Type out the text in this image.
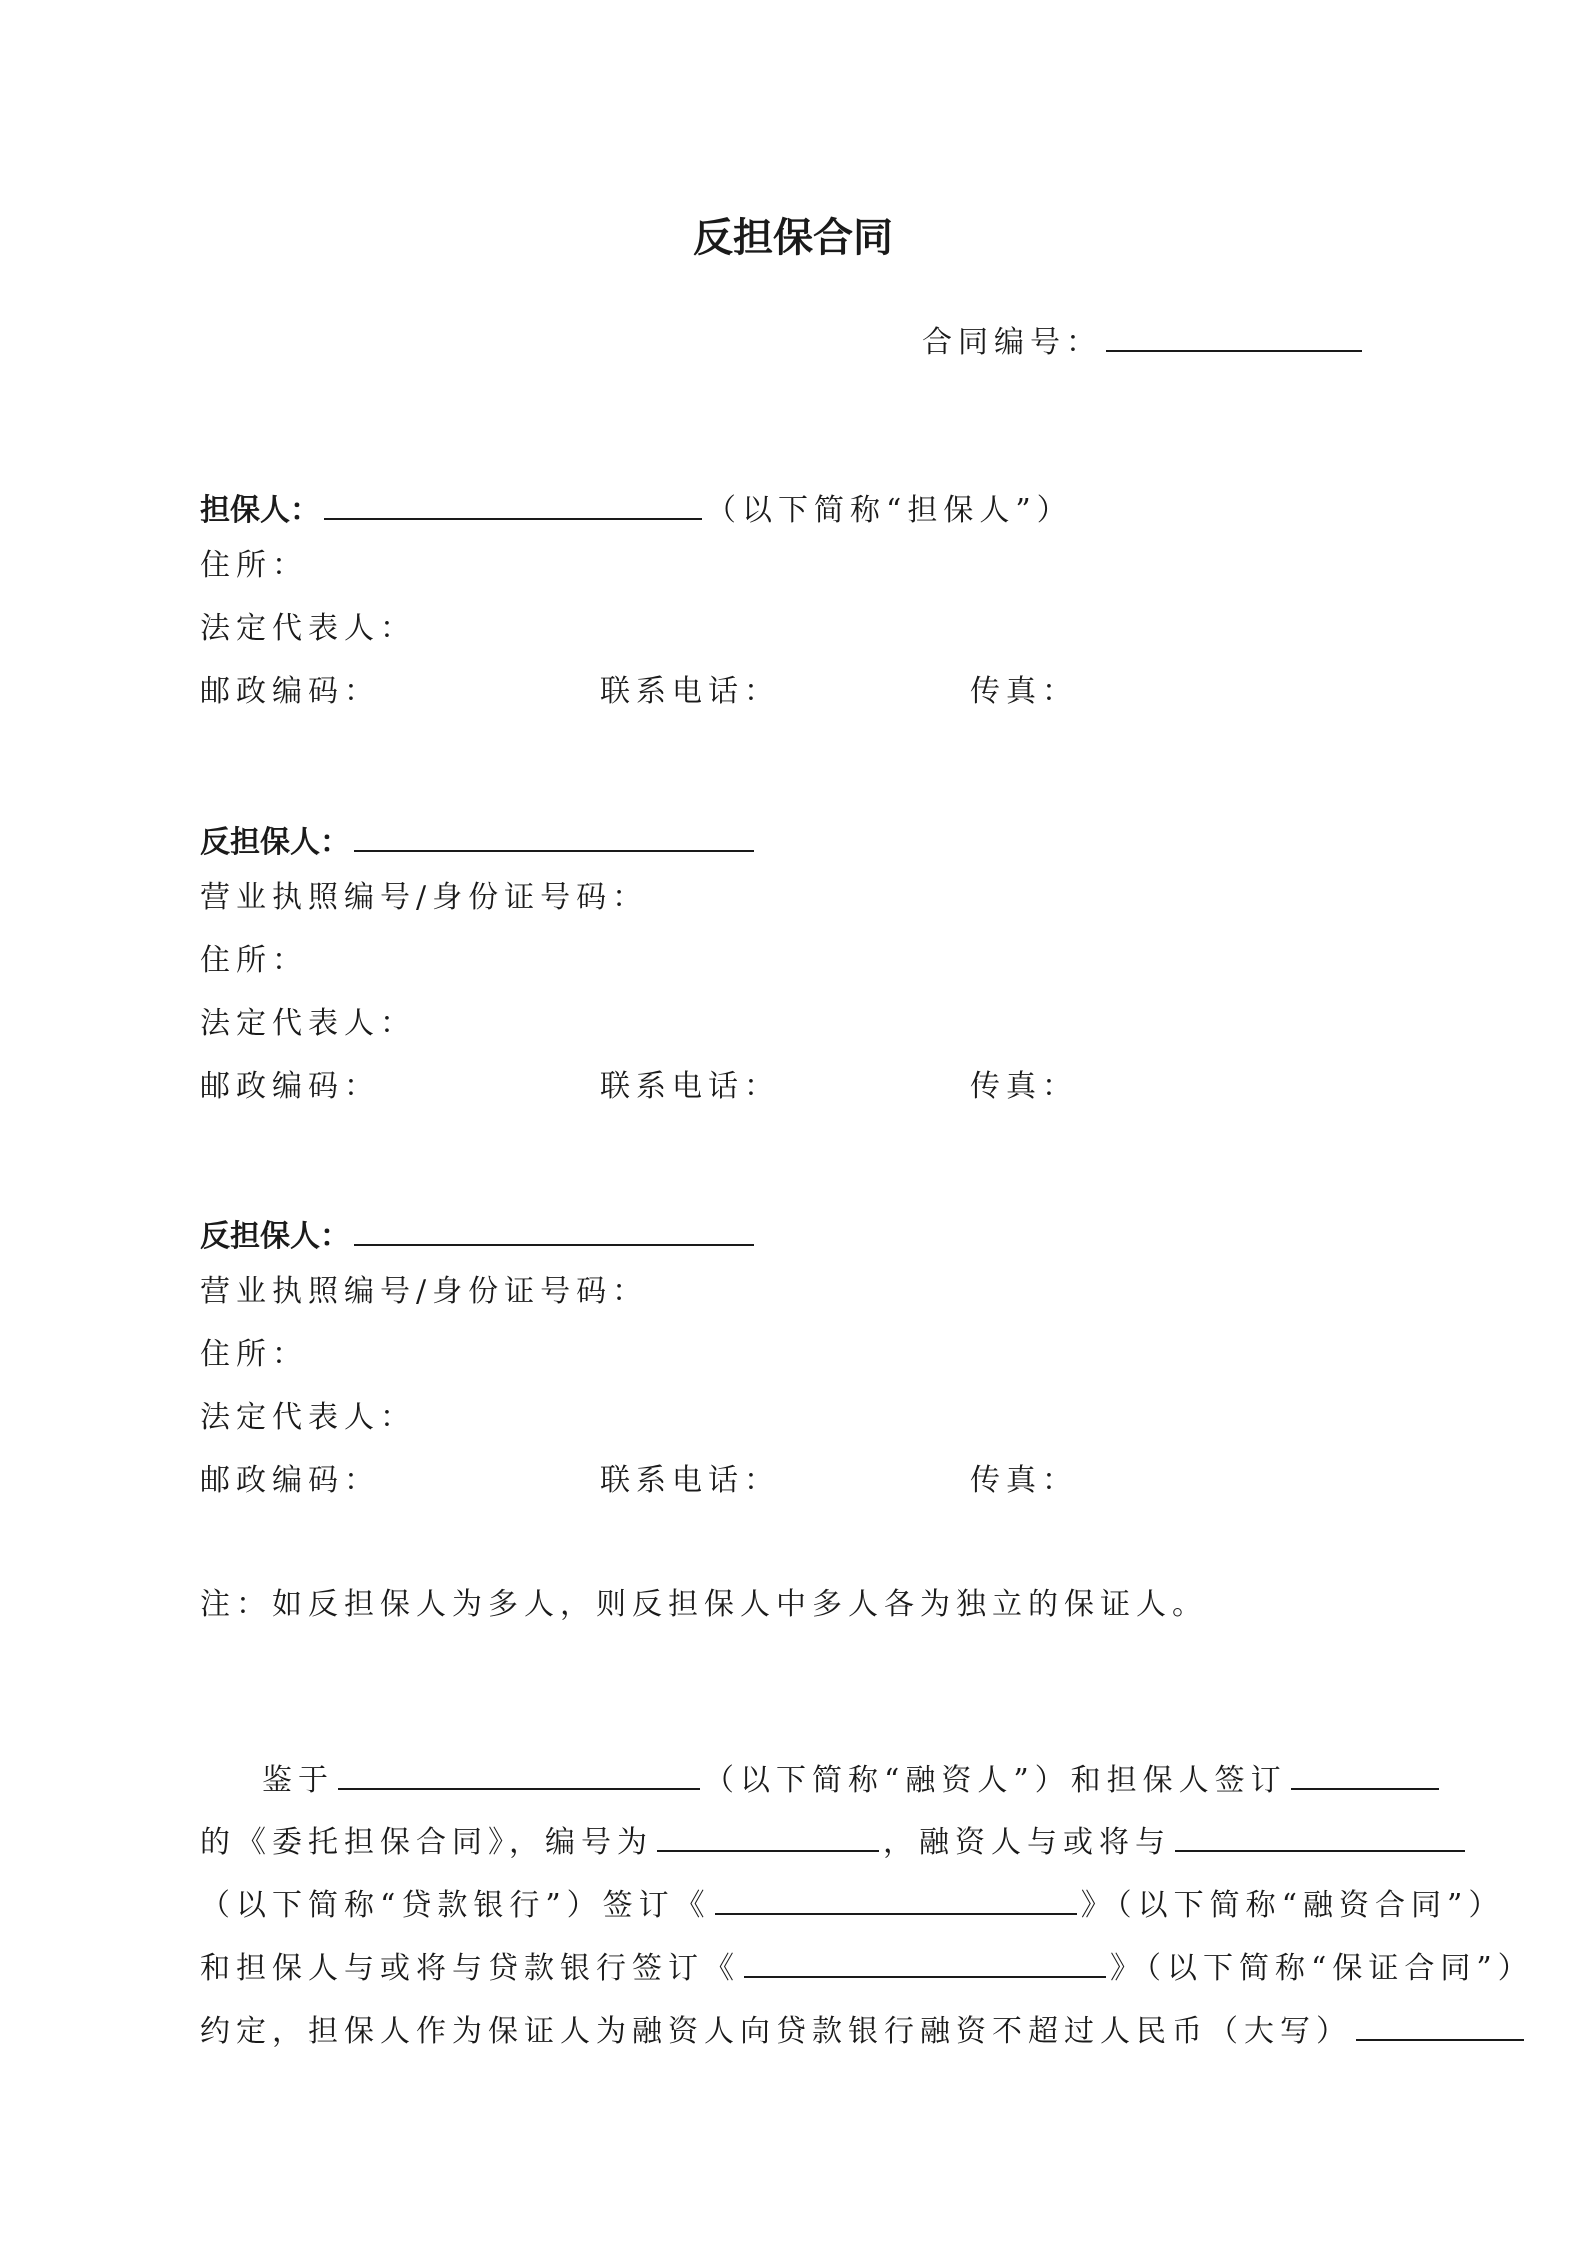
反担保合同
合同编号：
担保人：	（以下简称“担保人”）
住所：
法定代表人：
邮政编码：	联系电话：	传真：
反担保人：
营业执照编号/身份证号码：
住所：
法定代表人：
邮政编码：	联系电话：	传真：
反担保人：
营业执照编号/身份证号码：
住所：
法定代表人：
邮政编码：	联系电话：	传真：
注：如反担保人为多人，则反担保人中多人各为独立的保证人。
鉴于	（以下简称“融资人”）和担保人签订
的《委托担保合同》，编号为	，融资人与或将与
（以下简称“贷款银行”）签订《	》（以下简称“融资合同”）
和担保人与或将与贷款银行签订《	》（以下简称“保证合同”）
约定，担保人作为保证人为融资人向贷款银行融资不超过人民币（大写）
